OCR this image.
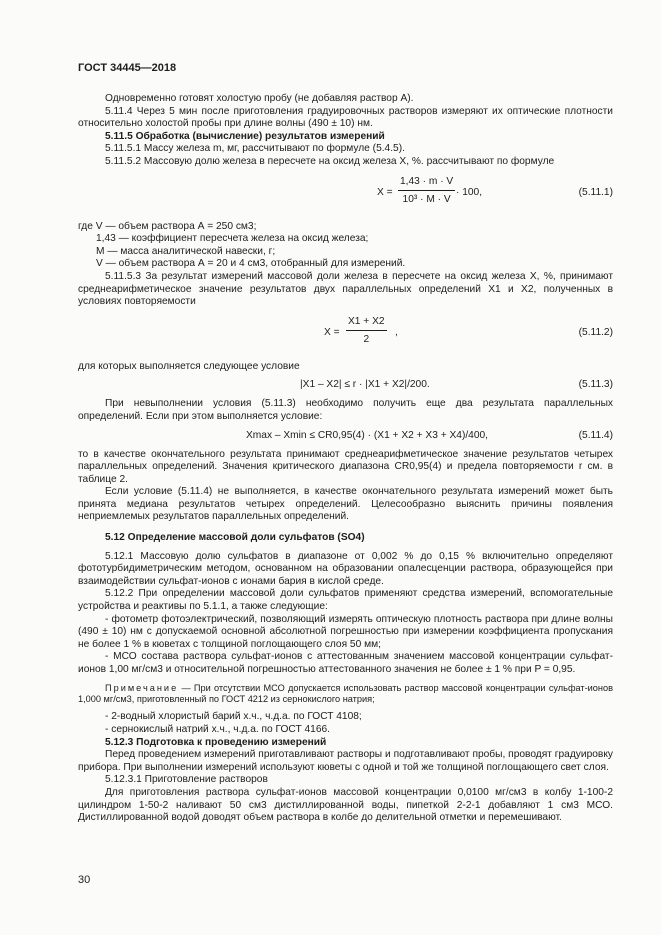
ГОСТ 34445—2018

Одновременно готовят холостую пробу (не добавляя раствор А).

5.11.4 Через 5 мин после приготовления градуировочных растворов измеряют их оптические плотности относительно холостой пробы при длине волны (490 ± 10) нм.

5.11.5 Обработка (вычисление) результатов измерений

5.11.5.1 Массу железа m, мг, рассчитывают по формуле (5.4.5).

5.11.5.2 Массовую долю железа в пересчете на оксид железа X, %. рассчитывают по формуле

$X = \frac{1,43 \cdot m \cdot V}{\text{10³ · M · V}} \cdot 100$,	(5.11.1)

где V — объем раствора А = 250 см3;

1,43 — коэффициент пересчета железа на оксид железа;

M — масса аналитической навески, г;

V — объем раствора А = 20 и 4 см3, отобранный для измерений.

5.11.5.3 За результат измерений массовой доли железа в пересчете на оксид железа X, %, принимают среднеарифметическое значение результатов двух параллельных определений X1 и X2, полученных в условиях повторяемости

$X = \frac{X1 + X2}{2}$ ,	(5.11.2)

для которых выполняется следующее условие

|X1 – X2| ≤ r · |X1 + X2|/200.	(5.11.3)

При невыполнении условия (5.11.3) необходимо получить еще два результата параллельных определений. Если при этом выполняется условие:

Xmax – Xmin ≤ CR0,95(4) · (X1 + X2 + X3 + X4)/400,	(5.11.4)

то в качестве окончательного результата принимают среднеарифметическое значение результатов четырех параллельных определений. Значения критического диапазона CR0,95(4) и предела повторяемости r см. в таблице 2.

Если условие (5.11.4) не выполняется, в качестве окончательного результата измерений может быть принята медиана результатов четырех определений. Целесообразно выяснить причины появления неприемлемых результатов параллельных определений.

5.12 Определение массовой доли сульфатов (SO4)

5.12.1 Массовую долю сульфатов в диапазоне от 0,002 % до 0,15 % включительно определяют фототурбидиметрическим методом, основанном на образовании опалесценции раствора, образующейся при взаимодействии сульфат-ионов с ионами бария в кислой среде.

5.12.2 При определении массовой доли сульфатов применяют средства измерений, вспомогательные устройства и реактивы по 5.1.1, а также следующие:

- фотометр фотоэлектрический, позволяющий измерять оптическую плотность раствора при длине волны (490 ± 10) нм с допускаемой основной абсолютной погрешностью при измерении коэффициента пропускания не более 1 % в кюветах с толщиной поглощающего слоя 50 мм;

- МСО состава раствора сульфат-ионов с аттестованным значением массовой концентрации сульфат-ионов 1,00 мг/см3 и относительной погрешностью аттестованного значения не более ± 1 % при P = 0,95.

Примечание — При отсутствии МСО допускается использовать раствор массовой концентрации сульфат-ионов 1,000 мг/см3, приготовленный по ГОСТ 4212 из сернокислого натрия;

- 2-водный хлористый барий х.ч., ч.д.а. по ГОСТ 4108;

- сернокислый натрий х.ч., ч.д.а. по ГОСТ 4166.

5.12.3 Подготовка к проведению измерений

Перед проведением измерений приготавливают растворы и подготавливают пробы, проводят градуировку прибора. При выполнении измерений используют кюветы с одной и той же толщиной поглощающего свет слоя.

5.12.3.1 Приготовление растворов

Для приготовления раствора сульфат-ионов массовой концентрации 0,0100 мг/см3 в колбу 1-100-2 цилиндром 1-50-2 наливают 50 см3 дистиллированной воды, пипеткой 2-2-1 добавляют 1 см3 МСО. Дистиллированной водой доводят объем раствора в колбе до делительной отметки и перемешивают.

30
